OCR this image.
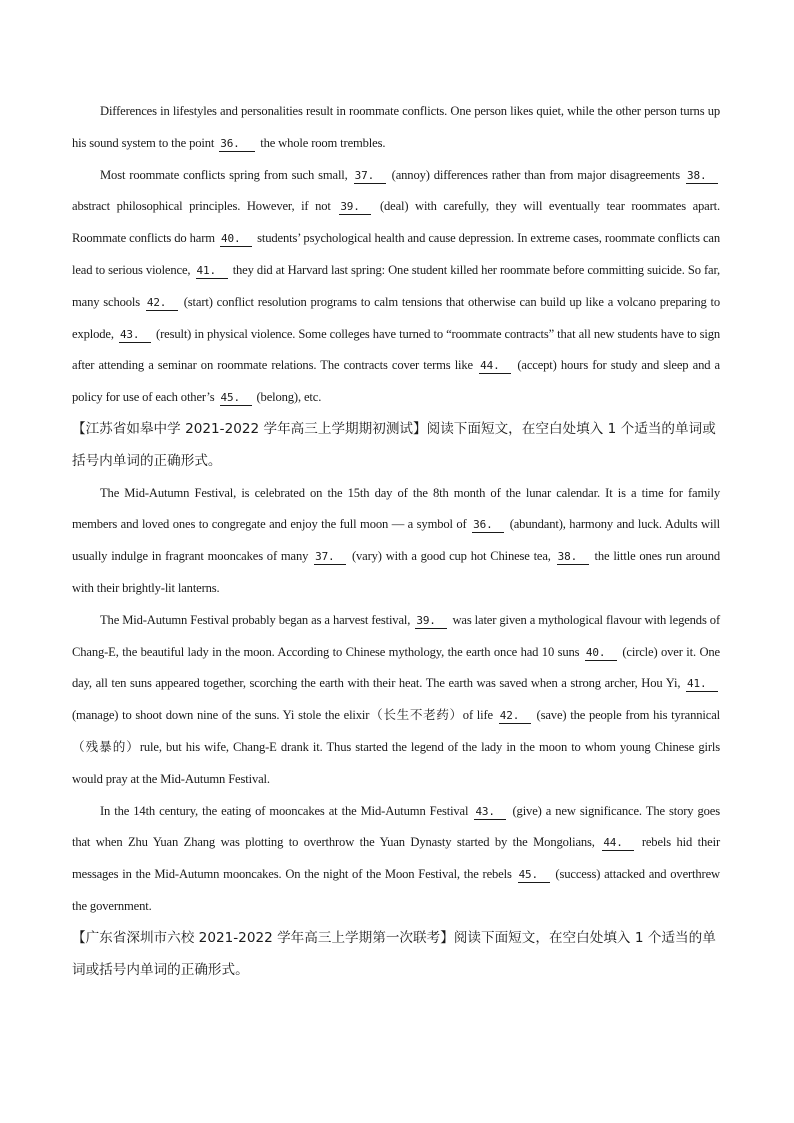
Differences in lifestyles and personalities result in roommate conflicts. One person likes quiet, while the other person turns up his sound system to the point 36. the whole room trembles.

Most roommate conflicts spring from such small, 37. (annoy) differences rather than from major disagreements 38. abstract philosophical principles. However, if not 39. (deal) with carefully, they will eventually tear roommates apart. Roommate conflicts do harm 40. students’ psychological health and cause depression. In extreme cases, roommate conflicts can lead to serious violence, 41. they did at Harvard last spring: One student killed her roommate before committing suicide. So far, many schools 42. (start) conflict resolution programs to calm tensions that otherwise can build up like a volcano preparing to explode, 43. (result) in physical violence. Some colleges have turned to “roommate contracts” that all new students have to sign after attending a seminar on roommate relations. The contracts cover terms like 44. (accept) hours for study and sleep and a policy for use of each other’s 45. (belong), etc.

【江苏省如皋中学 2021-2022 学年高三上学期期初测试】阅读下面短文，在空白处填入 1 个适当的单词或括号内单词的正确形式。

The Mid-Autumn Festival, is celebrated on the 15th day of the 8th month of the lunar calendar. It is a time for family members and loved ones to congregate and enjoy the full moon — a symbol of 36. (abundant), harmony and luck. Adults will usually indulge in fragrant mooncakes of many 37. (vary) with a good cup hot Chinese tea, 38. the little ones run around with their brightly-lit lanterns.

The Mid-Autumn Festival probably began as a harvest festival, 39. was later given a mythological flavour with legends of Chang-E, the beautiful lady in the moon. According to Chinese mythology, the earth once had 10 suns 40. (circle) over it. One day, all ten suns appeared together, scorching the earth with their heat. The earth was saved when a strong archer, Hou Yi, 41. (manage) to shoot down nine of the suns. Yi stole the elixir（长生不老药）of life 42. (save) the people from his tyrannical（残暴的）rule, but his wife, Chang-E drank it. Thus started the legend of the lady in the moon to whom young Chinese girls would pray at the Mid-Autumn Festival.

In the 14th century, the eating of mooncakes at the Mid-Autumn Festival 43. (give) a new significance. The story goes that when Zhu Yuan Zhang was plotting to overthrow the Yuan Dynasty started by the Mongolians, 44. rebels hid their messages in the Mid-Autumn mooncakes. On the night of the Moon Festival, the rebels 45. (success) attacked and overthrew the government.

【广东省深圳市六校 2021-2022 学年高三上学期第一次联考】阅读下面短文，在空白处填入 1 个适当的单词或括号内单词的正确形式。
